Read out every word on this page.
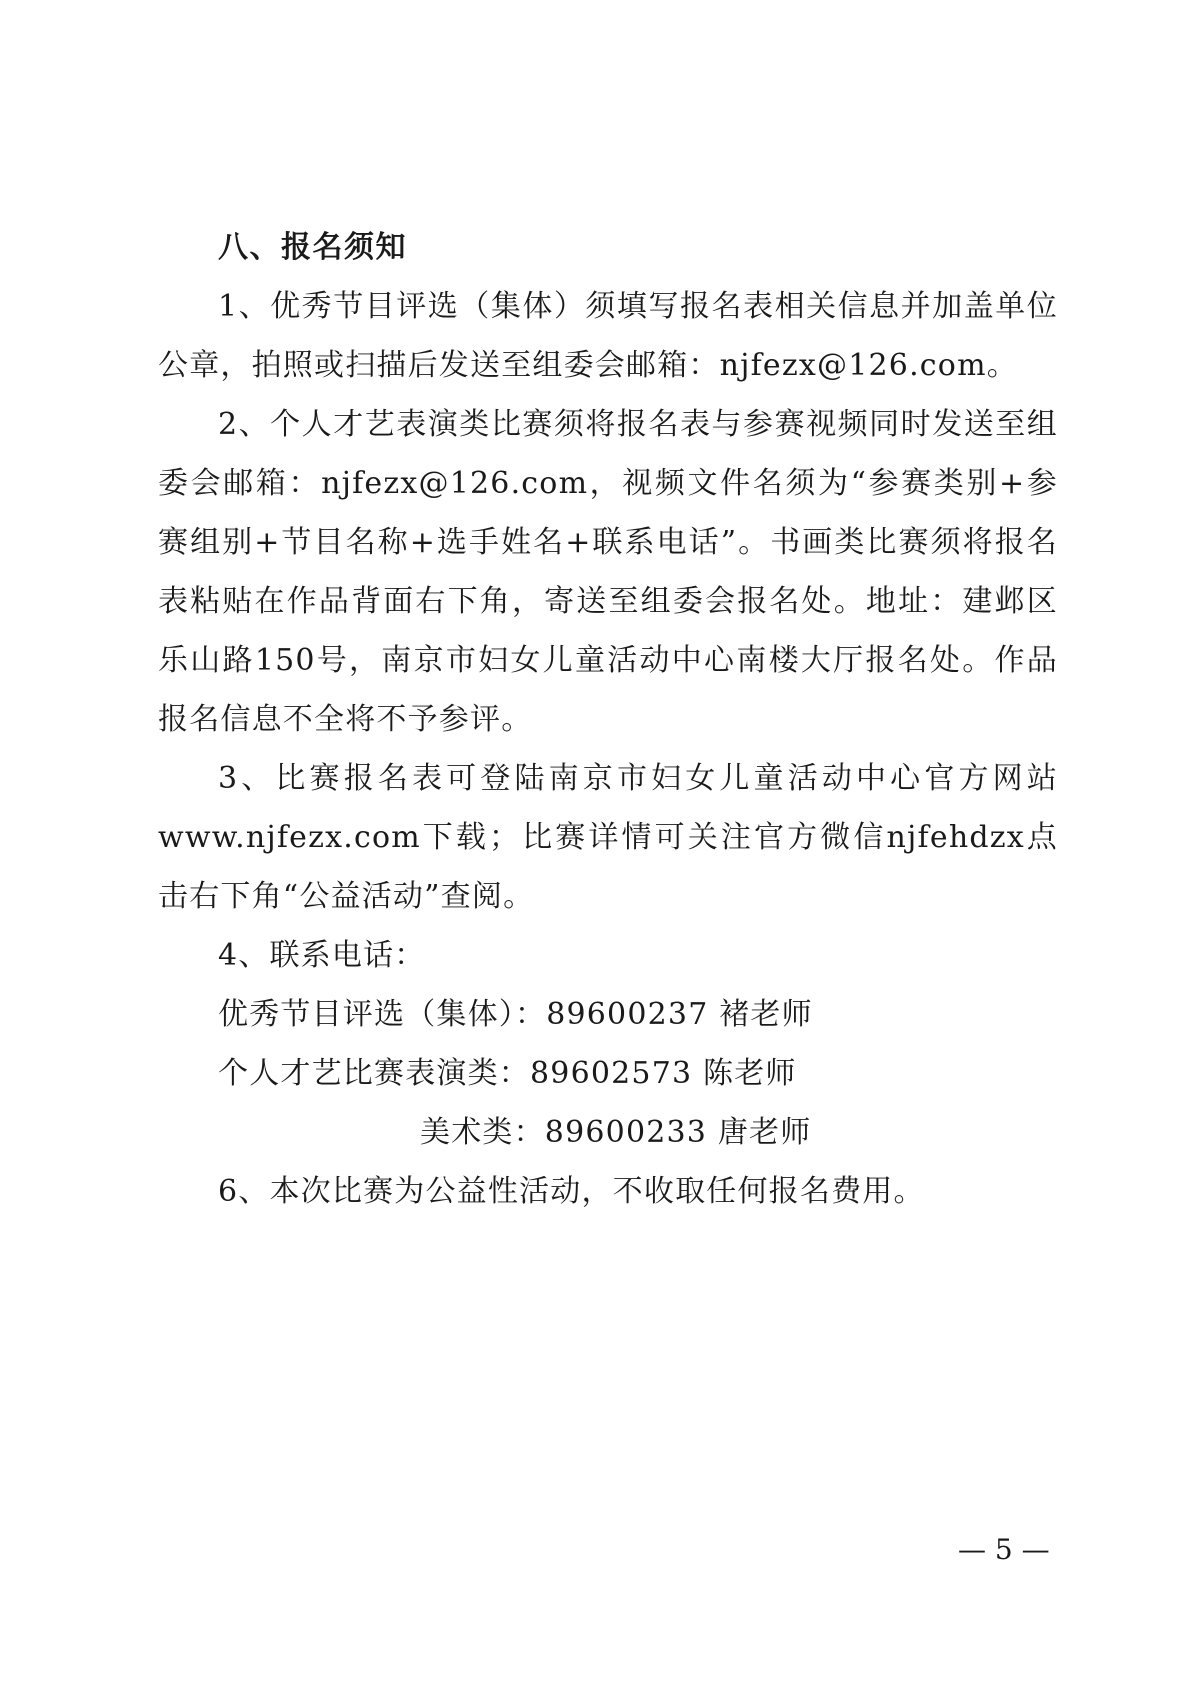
八、报名须知

1、优秀节目评选（集体）须填写报名表相关信息并加盖单位公章，拍照或扫描后发送至组委会邮箱：njfezx@126.com。

2、个人才艺表演类比赛须将报名表与参赛视频同时发送至组委会邮箱：njfezx@126.com，视频文件名须为“参赛类别+参赛组别+节目名称+选手姓名+联系电话”。书画类比赛须将报名表粘贴在作品背面右下角，寄送至组委会报名处。地址：建邺区乐山路150号，南京市妇女儿童活动中心南楼大厅报名处。作品报名信息不全将不予参评。

3、比赛报名表可登陆南京市妇女儿童活动中心官方网站www.njfezx.com下载；比赛详情可关注官方微信njfehdzx点击右下角“公益活动”查阅。

4、联系电话：

优秀节目评选（集体）：89600237 褚老师
个人才艺比赛表演类：89602573 陈老师
美术类：89600233 唐老师

6、本次比赛为公益性活动，不收取任何报名费用。

— 5 —
